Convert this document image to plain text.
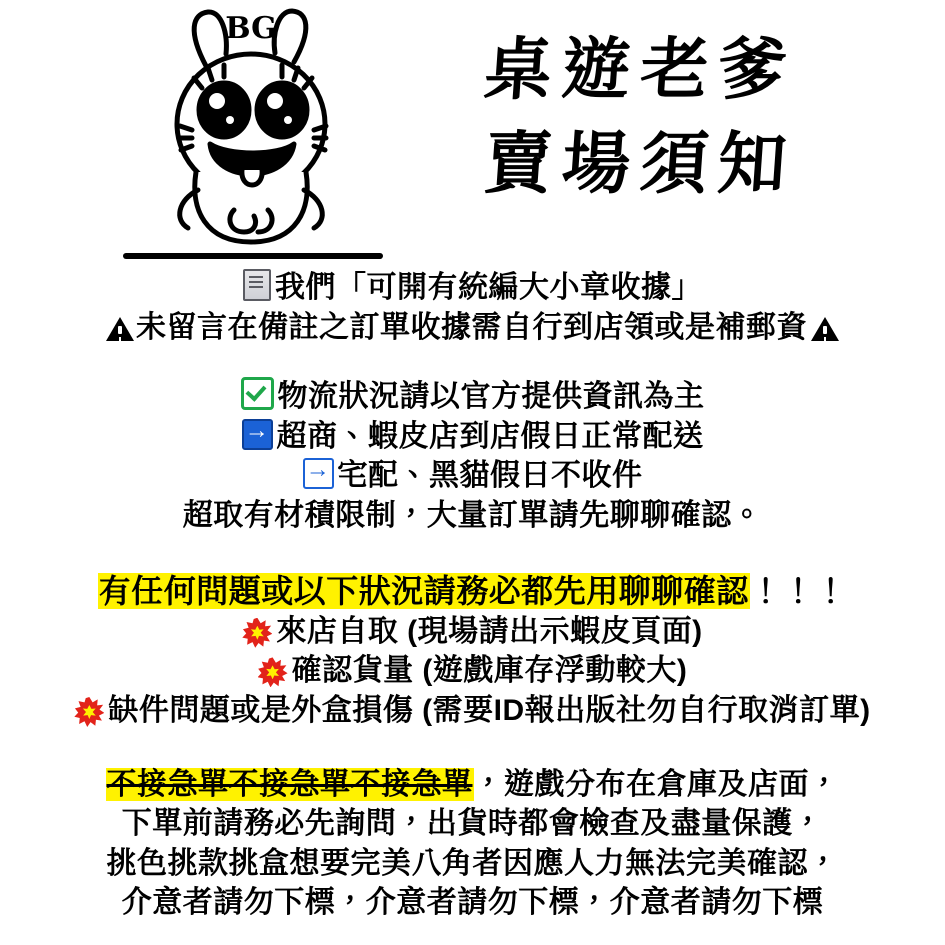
BG
桌遊老爹
賣場須知
我們「可開有統編大小章收據」
未留言在備註之訂單收據需自行到店領或是補郵資
物流狀況請以官方提供資訊為主
→超商、蝦皮店到店假日正常配送
→宅配、黑貓假日不收件
超取有材積限制，大量訂單請先聊聊確認。
有任何問題或以下狀況請務必都先用聊聊確認！！！
來店自取 (現場請出示蝦皮頁面)
確認貨量 (遊戲庫存浮動較大)
缺件問題或是外盒損傷 (需要ID報出版社勿自行取消訂單)
不接急單不接急單不接急單，遊戲分布在倉庫及店面，
下單前請務必先詢問，出貨時都會檢查及盡量保護，
挑色挑款挑盒想要完美八角者因應人力無法完美確認，
介意者請勿下標，介意者請勿下標，介意者請勿下標
